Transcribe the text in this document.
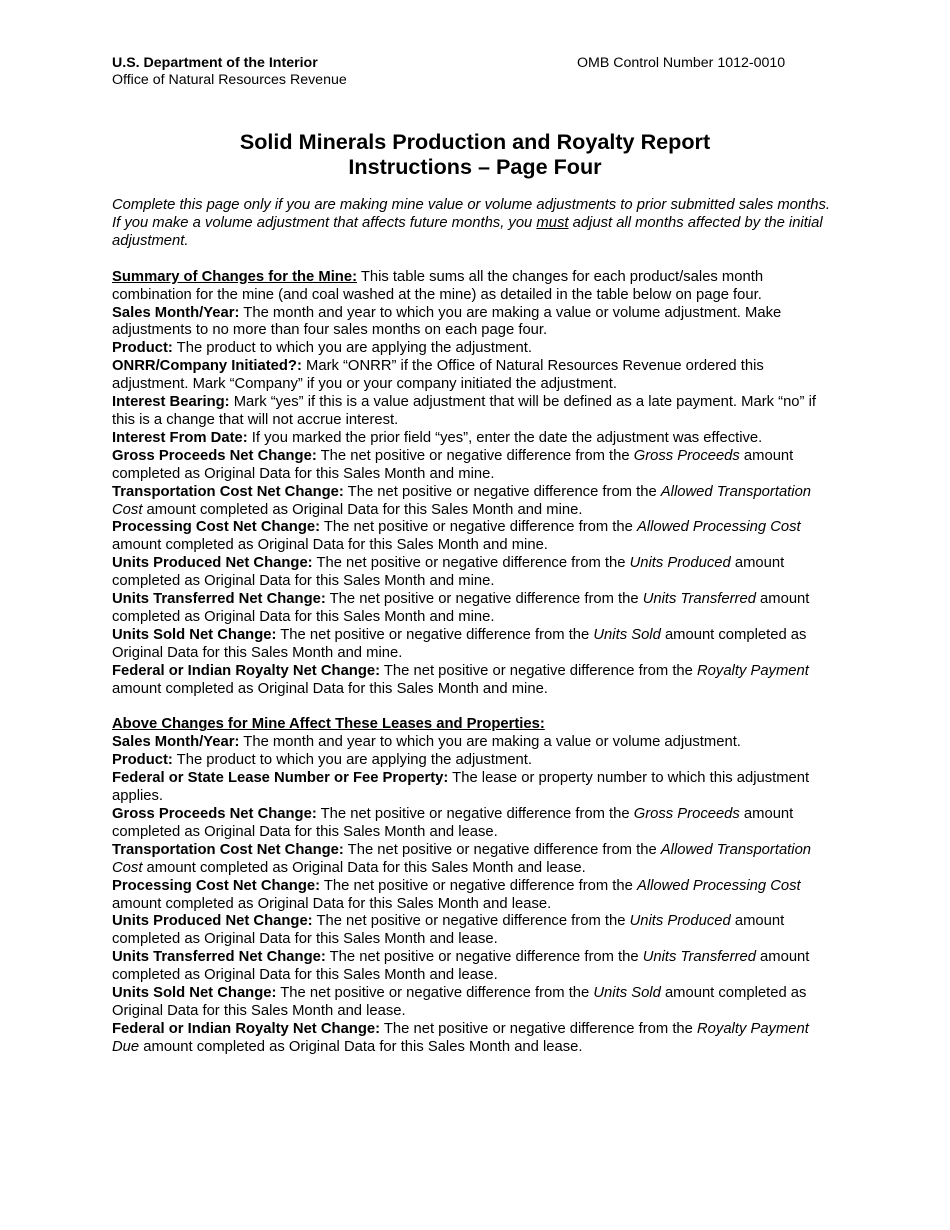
U.S. Department of the Interior
Office of Natural Resources Revenue
OMB Control Number 1012-0010
Solid Minerals Production and Royalty Report
Instructions – Page Four

Complete this page only if you are making mine value or volume adjustments to prior submitted sales months. If you make a volume adjustment that affects future months, you must adjust all months affected by the initial adjustment.

Summary of Changes for the Mine: This table sums all the changes for each product/sales month combination for the mine (and coal washed at the mine) as detailed in the table below on page four.

Sales Month/Year: The month and year to which you are making a value or volume adjustment. Make adjustments to no more than four sales months on each page four.

Product: The product to which you are applying the adjustment.

ONRR/Company Initiated?: Mark “ONRR” if the Office of Natural Resources Revenue ordered this adjustment. Mark “Company” if you or your company initiated the adjustment.

Interest Bearing: Mark “yes” if this is a value adjustment that will be defined as a late payment. Mark “no” if this is a change that will not accrue interest.

Interest From Date: If you marked the prior field “yes”, enter the date the adjustment was effective.

Gross Proceeds Net Change: The net positive or negative difference from the Gross Proceeds amount completed as Original Data for this Sales Month and mine.

Transportation Cost Net Change: The net positive or negative difference from the Allowed Transportation Cost amount completed as Original Data for this Sales Month and mine.

Processing Cost Net Change: The net positive or negative difference from the Allowed Processing Cost amount completed as Original Data for this Sales Month and mine.

Units Produced Net Change: The net positive or negative difference from the Units Produced amount completed as Original Data for this Sales Month and mine.

Units Transferred Net Change: The net positive or negative difference from the Units Transferred amount completed as Original Data for this Sales Month and mine.

Units Sold Net Change: The net positive or negative difference from the Units Sold amount completed as Original Data for this Sales Month and mine.

Federal or Indian Royalty Net Change: The net positive or negative difference from the Royalty Payment amount completed as Original Data for this Sales Month and mine.

Above Changes for Mine Affect These Leases and Properties:

Sales Month/Year: The month and year to which you are making a value or volume adjustment.

Product: The product to which you are applying the adjustment.

Federal or State Lease Number or Fee Property: The lease or property number to which this adjustment applies.

Gross Proceeds Net Change: The net positive or negative difference from the Gross Proceeds amount completed as Original Data for this Sales Month and lease.

Transportation Cost Net Change: The net positive or negative difference from the Allowed Transportation Cost amount completed as Original Data for this Sales Month and lease.

Processing Cost Net Change: The net positive or negative difference from the Allowed Processing Cost amount completed as Original Data for this Sales Month and lease.

Units Produced Net Change: The net positive or negative difference from the Units Produced amount completed as Original Data for this Sales Month and lease.

Units Transferred Net Change: The net positive or negative difference from the Units Transferred amount completed as Original Data for this Sales Month and lease.

Units Sold Net Change: The net positive or negative difference from the Units Sold amount completed as Original Data for this Sales Month and lease.

Federal or Indian Royalty Net Change: The net positive or negative difference from the Royalty Payment Due amount completed as Original Data for this Sales Month and lease.
